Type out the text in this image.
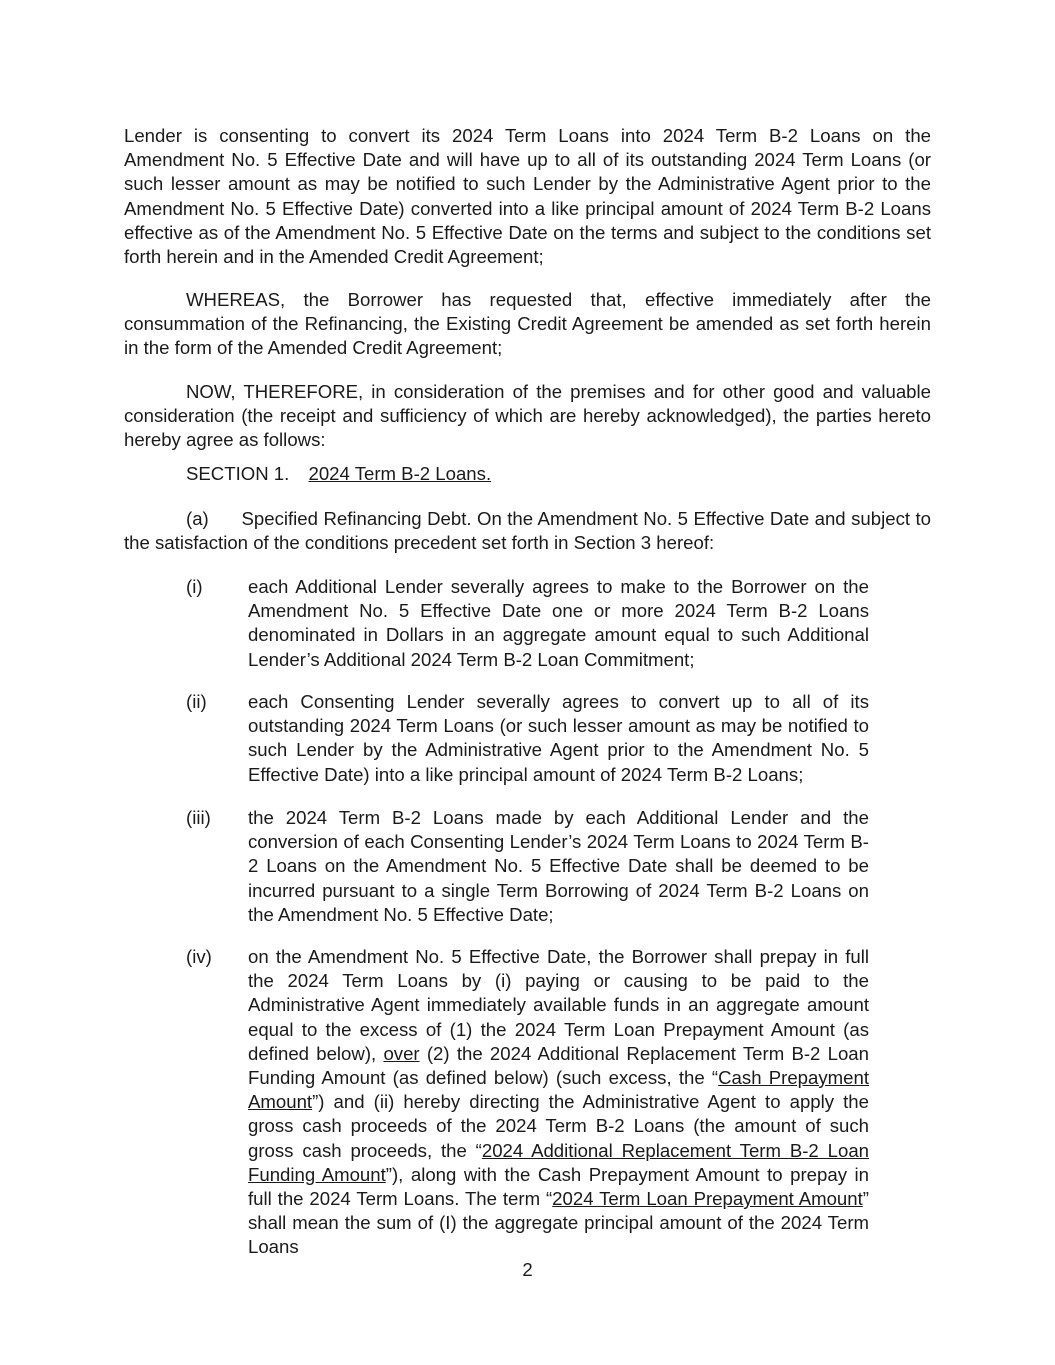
Lender is consenting to convert its 2024 Term Loans into 2024 Term B-2 Loans on the Amendment No. 5 Effective Date and will have up to all of its outstanding 2024 Term Loans (or such lesser amount as may be notified to such Lender by the Administrative Agent prior to the Amendment No. 5 Effective Date) converted into a like principal amount of 2024 Term B-2 Loans effective as of the Amendment No. 5 Effective Date on the terms and subject to the conditions set forth herein and in the Amended Credit Agreement;

WHEREAS, the Borrower has requested that, effective immediately after the consummation of the Refinancing, the Existing Credit Agreement be amended as set forth herein in the form of the Amended Credit Agreement;

NOW, THEREFORE, in consideration of the premises and for other good and valuable consideration (the receipt and sufficiency of which are hereby acknowledged), the parties hereto hereby agree as follows:

SECTION 1. 2024 Term B-2 Loans.

(a)      Specified Refinancing Debt. On the Amendment No. 5 Effective Date and subject to the satisfaction of the conditions precedent set forth in Section 3 hereof:

(i)	each Additional Lender severally agrees to make to the Borrower on the Amendment No. 5 Effective Date one or more 2024 Term B-2 Loans denominated in Dollars in an aggregate amount equal to such Additional Lender’s Additional 2024 Term B-2 Loan Commitment;

(ii)	each Consenting Lender severally agrees to convert up to all of its outstanding 2024 Term Loans (or such lesser amount as may be notified to such Lender by the Administrative Agent prior to the Amendment No. 5 Effective Date) into a like principal amount of 2024 Term B-2 Loans;

(iii)	the 2024 Term B-2 Loans made by each Additional Lender and the conversion of each Consenting Lender’s 2024 Term Loans to 2024 Term B-2 Loans on the Amendment No. 5 Effective Date shall be deemed to be incurred pursuant to a single Term Borrowing of 2024 Term B-2 Loans on the Amendment No. 5 Effective Date;

(iv)	on the Amendment No. 5 Effective Date, the Borrower shall prepay in full the 2024 Term Loans by (i) paying or causing to be paid to the Administrative Agent immediately available funds in an aggregate amount equal to the excess of (1) the 2024 Term Loan Prepayment Amount (as defined below), over (2) the 2024 Additional Replacement Term B-2 Loan Funding Amount (as defined below) (such excess, the “Cash Prepayment Amount”) and (ii) hereby directing the Administrative Agent to apply the gross cash proceeds of the 2024 Term B-2 Loans (the amount of such gross cash proceeds, the “2024 Additional Replacement Term B-2 Loan Funding Amount”), along with the Cash Prepayment Amount to prepay in full the 2024 Term Loans. The term “2024 Term Loan Prepayment Amount” shall mean the sum of (I) the aggregate principal amount of the 2024 Term Loans

2
